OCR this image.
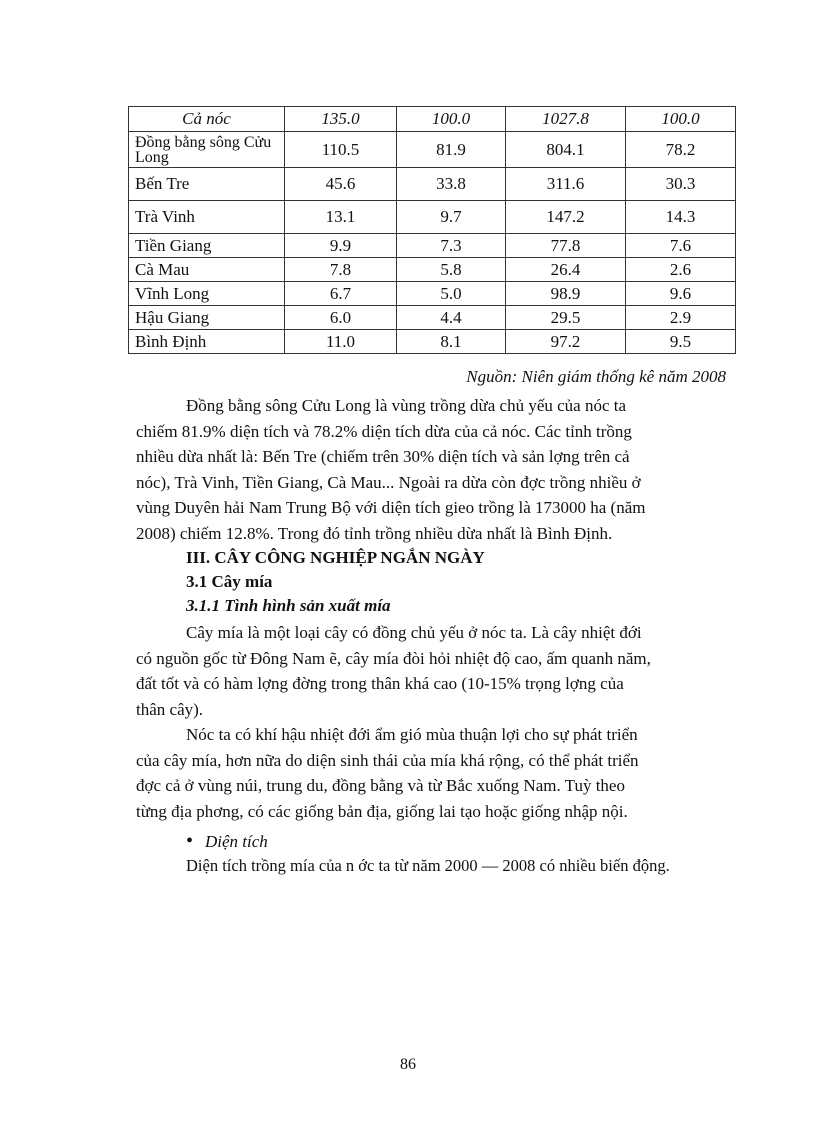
Cả nóc	135.0	100.0	1027.8	100.0
Đồng bằng sông Cửu Long	110.5	81.9	804.1	78.2
Bến Tre	45.6	33.8	311.6	30.3
Trà Vinh	13.1	9.7	147.2	14.3
Tiền Giang	9.9	7.3	77.8	7.6
Cà Mau	7.8	5.8	26.4	2.6
Vĩnh Long	6.7	5.0	98.9	9.6
Hậu Giang	6.0	4.4	29.5	2.9
Bình Định	11.0	8.1	97.2	9.5
Nguồn: Niên giám thống kê năm 2008

Đồng bằng sông Cửu Long là vùng trồng dừa chủ yếu của nóc ta
chiếm 81.9% diện tích và 78.2% diện tích dừa của cả nóc. Các tỉnh trồng
nhiều dừa nhất là: Bến Tre (chiếm trên 30% diện tích và sản lợng trên cả
nóc), Trà Vinh, Tiền Giang, Cà Mau... Ngoài ra dừa còn đợc trồng nhiều ở
vùng Duyên hải Nam Trung Bộ với diện tích gieo trồng là 173000 ha (năm
2008) chiếm 12.8%. Trong đó tỉnh trồng nhiều dừa nhất là Bình Định.

III. CÂY CÔNG NGHIỆP NGẮN NGÀY
3.1 Cây mía
3.1.1 Tình hình sản xuất mía

Cây mía là một loại cây có đồng chủ yếu ở nóc ta. Là cây nhiệt đới
có nguồn gốc từ Đông Nam ẽ, cây mía đòi hỏi nhiệt độ cao, ấm quanh năm,
đất tốt và có hàm lợng đờng trong thân khá cao (10-15% trọng lợng của
thân cây).

Nóc ta có khí hậu nhiệt đới ẩm gió mùa thuận lợi cho sự phát triển
của cây mía, hơn nữa do diện sinh thái của mía khá rộng, có thể phát triển
đợc cả ở vùng núi, trung du, đồng bằng và từ Bắc xuống Nam. Tuỳ theo
từng địa phơng, có các giống bản địa, giống lai tạo hoặc giống nhập nội.

• Diện tích
Diện tích trồng mía của n ớc ta từ năm 2000 — 2008 có nhiều biến động.
86
